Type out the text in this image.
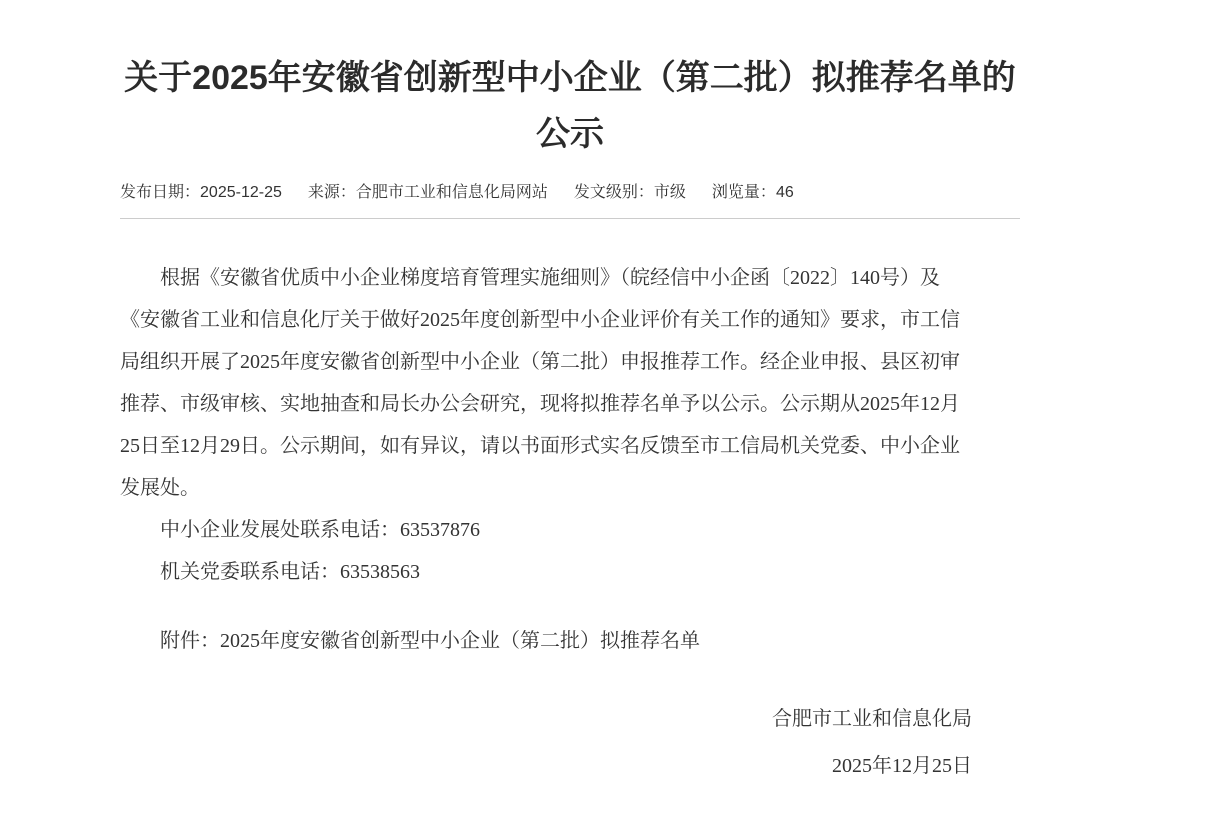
关于2025年安徽省创新型中小企业（第二批）拟推荐名单的
公示
发布日期： 2025-12-25 来源： 合肥市工业和信息化局网站 发文级别： 市级 浏览量： 46
根据《安徽省优质中小企业梯度培育管理实施细则》（皖经信中小企函〔2022〕140号）及
《安徽省工业和信息化厅关于做好2025年度创新型中小企业评价有关工作的通知》要求，市工信
局组织开展了2025年度安徽省创新型中小企业（第二批）申报推荐工作。经企业申报、县区初审
推荐、市级审核、实地抽查和局长办公会研究，现将拟推荐名单予以公示。公示期从2025年12月
25日至12月29日。公示期间，如有异议，请以书面形式实名反馈至市工信局机关党委、中小企业
发展处。
中小企业发展处联系电话：63537876
机关党委联系电话：63538563
附件：2025年度安徽省创新型中小企业（第二批）拟推荐名单
合肥市工业和信息化局
2025年12月25日
